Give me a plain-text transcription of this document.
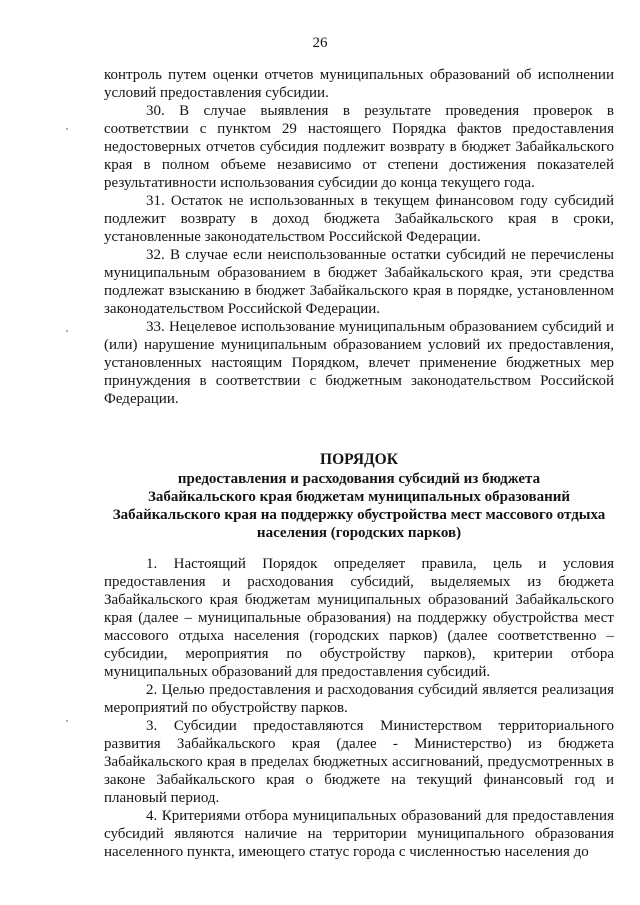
26

контроль путем оценки отчетов муниципальных образований об исполнении условий предоставления субсидии.

30. В случае выявления в результате проведения проверок в соответствии с пунктом 29 настоящего Порядка фактов предоставления недостоверных отчетов субсидия подлежит возврату в бюджет Забайкальского края в полном объеме независимо от степени достижения показателей результативности использования субсидии до конца текущего года.

31. Остаток не использованных в текущем финансовом году субсидий подлежит возврату в доход бюджета Забайкальского края в сроки, установленные законодательством Российской Федерации.

32. В случае если неиспользованные остатки субсидий не перечислены муниципальным образованием в бюджет Забайкальского края, эти средства подлежат взысканию в бюджет Забайкальского края в порядке, установленном законодательством Российской Федерации.

33. Нецелевое использование муниципальным образованием субсидий и (или) нарушение муниципальным образованием условий их предоставления, установленных настоящим Порядком, влечет применение бюджетных мер принуждения в соответствии с бюджетным законодательством Российской Федерации.

ПОРЯДОК

предоставления и расходования субсидий из бюджета

Забайкальского края бюджетам муниципальных образований

Забайкальского края на поддержку обустройства мест массового отдыха

населения (городских парков)

1. Настоящий Порядок определяет правила, цель и условия предоставления и расходования субсидий, выделяемых из бюджета Забайкальского края бюджетам муниципальных образований Забайкальского края (далее – муниципальные образования) на поддержку обустройства мест массового отдыха населения (городских парков) (далее соответственно – субсидии, мероприятия по обустройству парков), критерии отбора муниципальных образований для предоставления субсидий.

2. Целью предоставления и расходования субсидий является реализация мероприятий по обустройству парков.

3. Субсидии предоставляются Министерством территориального развития Забайкальского края (далее - Министерство) из бюджета Забайкальского края в пределах бюджетных ассигнований, предусмотренных в законе Забайкальского края о бюджете на текущий финансовый год и плановый период.

4. Критериями отбора муниципальных образований для предоставления субсидий являются наличие на территории муниципального образования населенного пункта, имеющего статус города с численностью населения до
